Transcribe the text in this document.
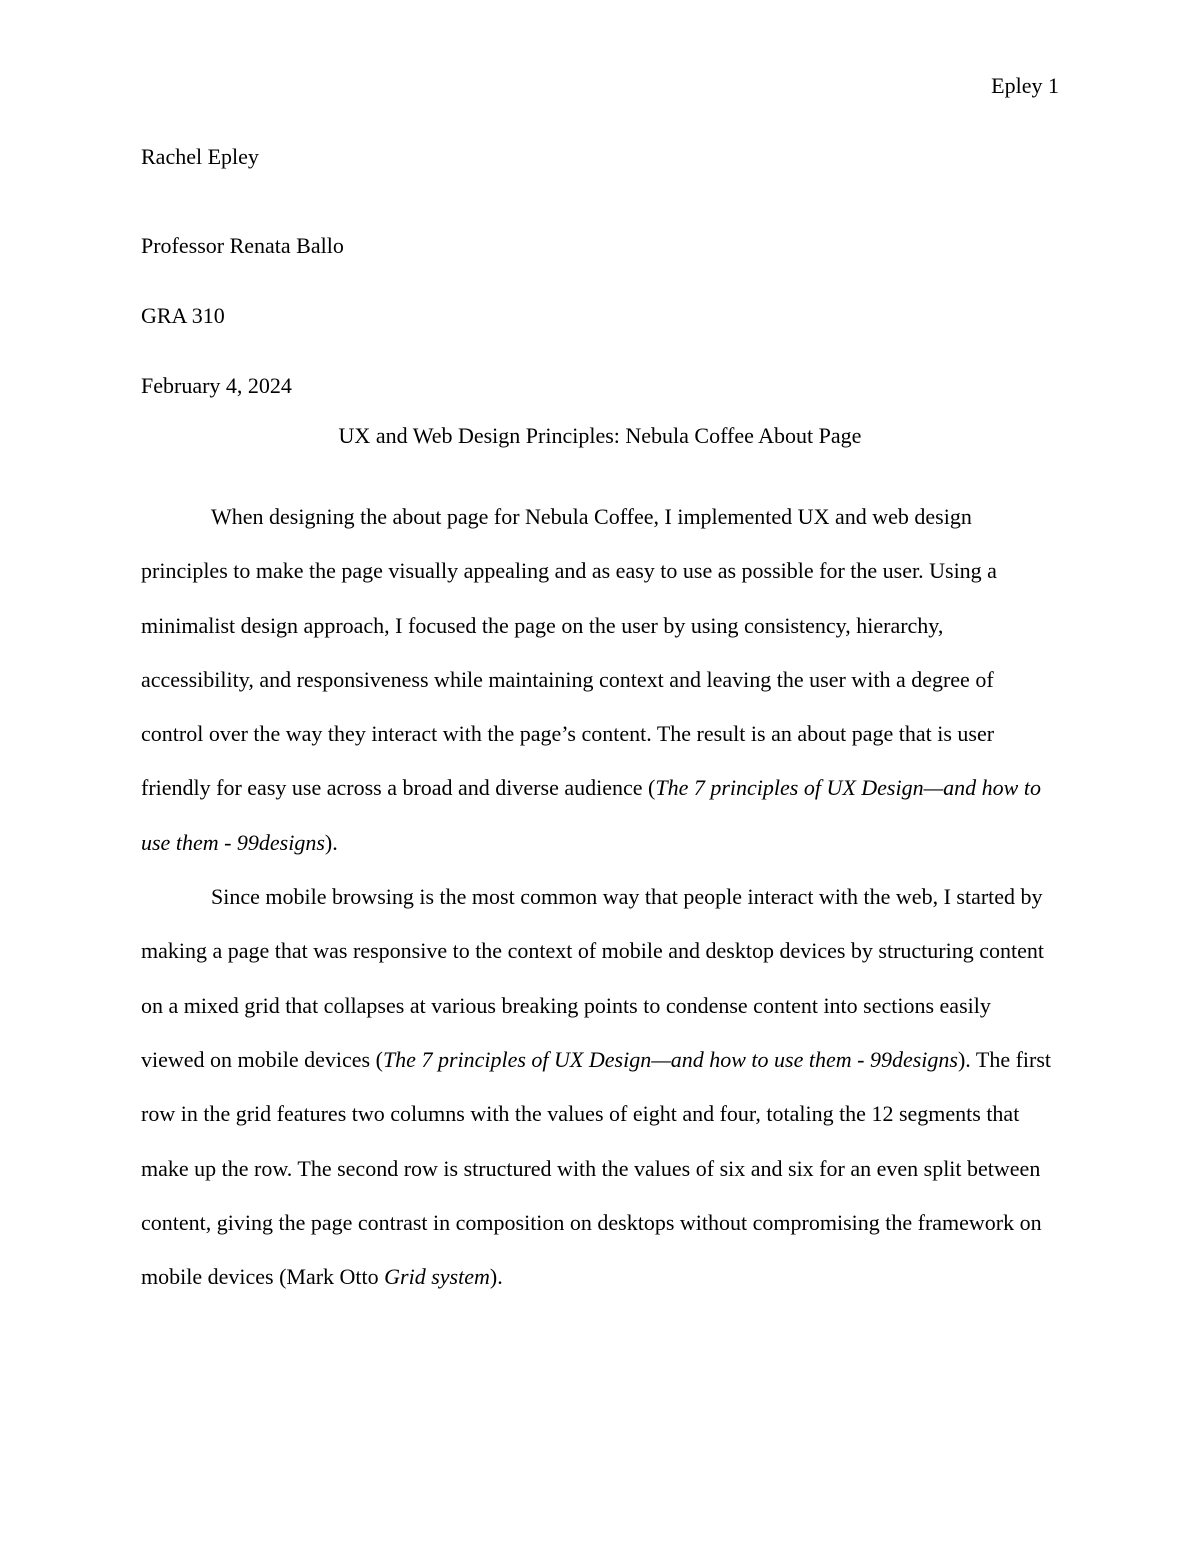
Epley 1

Rachel Epley

Professor Renata Ballo

GRA 310

February 4, 2024

UX and Web Design Principles: Nebula Coffee About Page

When designing the about page for Nebula Coffee, I implemented UX and web design principles to make the page visually appealing and as easy to use as possible for the user. Using a minimalist design approach, I focused the page on the user by using consistency, hierarchy, accessibility, and responsiveness while maintaining context and leaving the user with a degree of control over the way they interact with the page’s content. The result is an about page that is user friendly for easy use across a broad and diverse audience (The 7 principles of UX Design—and how to use them - 99designs).

Since mobile browsing is the most common way that people interact with the web, I started by making a page that was responsive to the context of mobile and desktop devices by structuring content on a mixed grid that collapses at various breaking points to condense content into sections easily viewed on mobile devices (The 7 principles of UX Design—and how to use them - 99designs). The first row in the grid features two columns with the values of eight and four, totaling the 12 segments that make up the row. The second row is structured with the values of six and six for an even split between content, giving the page contrast in composition on desktops without compromising the framework on mobile devices (Mark Otto Grid system).
